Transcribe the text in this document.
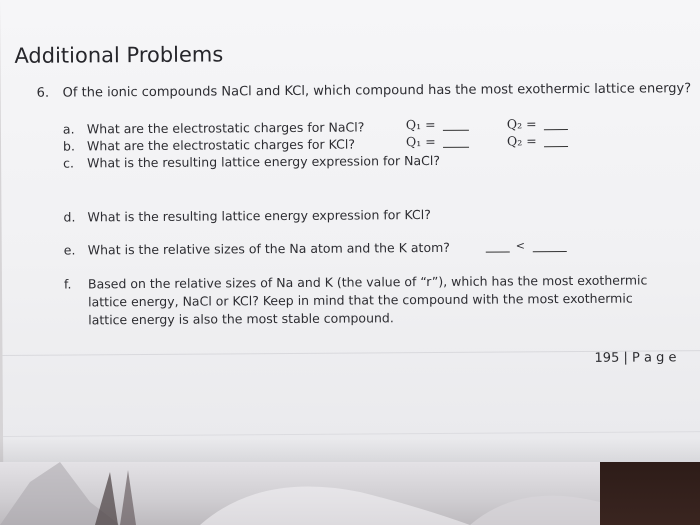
Additional Problems
6. Of the ionic compounds NaCl and KCl, which compound has the most exothermic lattice energy?
a. What are the electrostatic charges for NaCl?	Q₁ =	Q₂ =
b. What are the electrostatic charges for KCl?	Q₁ =	Q₂ =
c. What is the resulting lattice energy expression for NaCl?
d. What is the resulting lattice energy expression for KCl?
e. What is the relative sizes of the Na atom and the K atom?	<
f. Based on the relative sizes of Na and K (the value of “r”), which has the most exothermic
lattice energy, NaCl or KCl? Keep in mind that the compound with the most exothermic
lattice energy is also the most stable compound.
195 | P a g e
